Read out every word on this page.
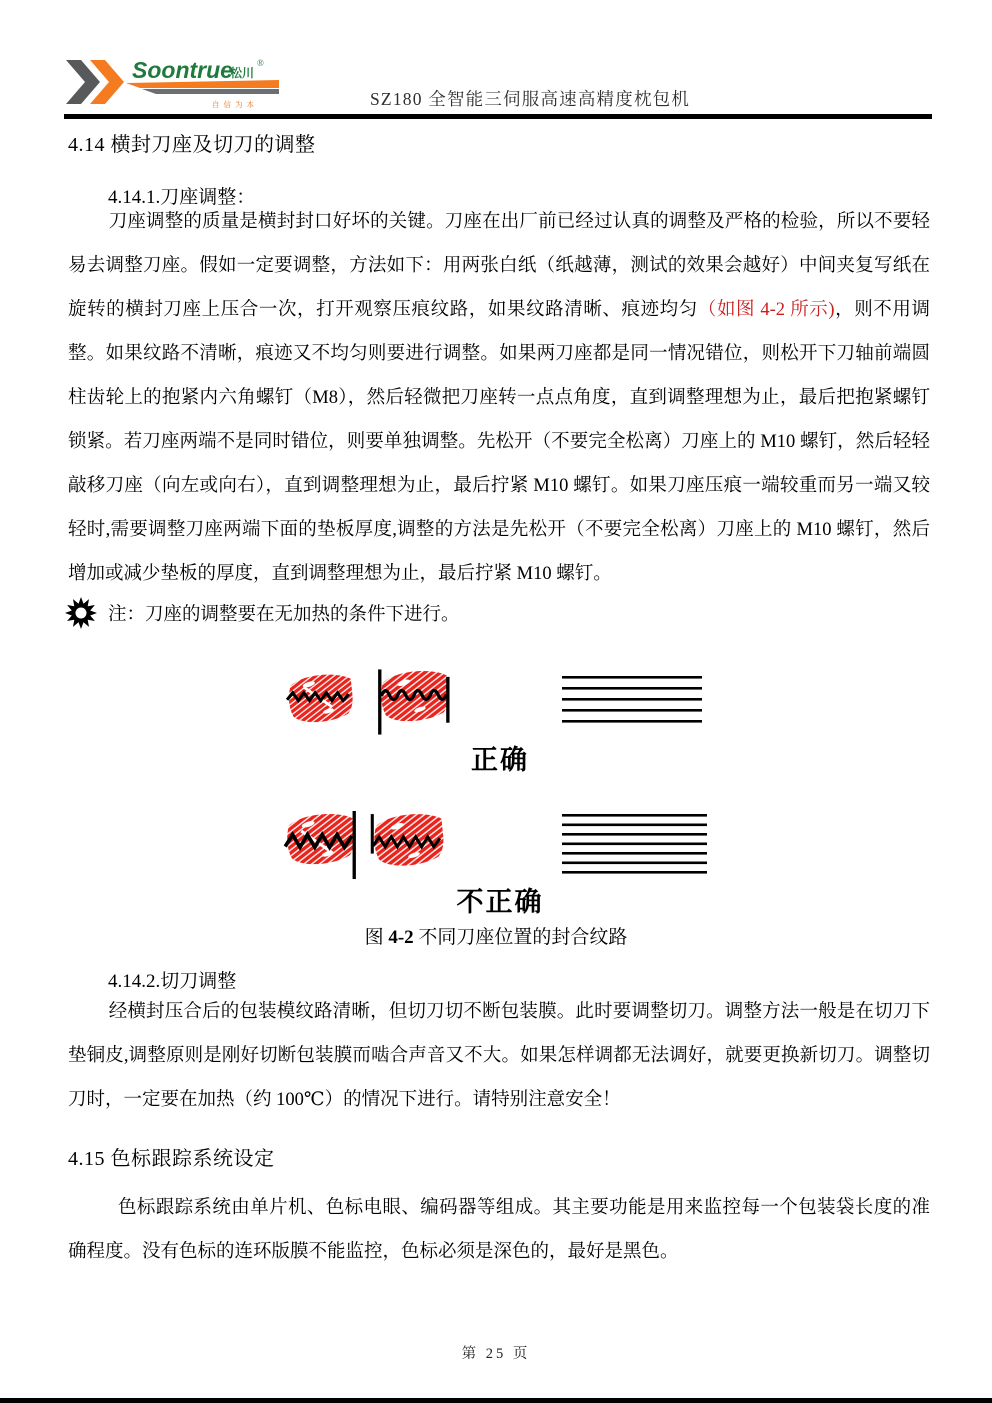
Soontrue
松川
®
自信为本	SZ180 全智能三伺服高速高精度枕包机
4.14 横封刀座及切刀的调整
4.14.1.刀座调整：
刀座调整的质量是横封封口好坏的关键。刀座在出厂前已经过认真的调整及严格的检验，所以不要轻易去调整刀座。假如一定要调整，方法如下：用两张白纸（纸越薄，测试的效果会越好）中间夹复写纸在旋转的横封刀座上压合一次，打开观察压痕纹路，如果纹路清晰、痕迹均匀（如图 4-2 所示)，则不用调整。如果纹路不清晰，痕迹又不均匀则要进行调整。如果两刀座都是同一情况错位，则松开下刀轴前端圆柱齿轮上的抱紧内六角螺钉（M8），然后轻微把刀座转一点点角度，直到调整理想为止，最后把抱紧螺钉锁紧。若刀座两端不是同时错位，则要单独调整。先松开（不要完全松离）刀座上的 M10 螺钉，然后轻轻敲移刀座（向左或向右），直到调整理想为止，最后拧紧 M10 螺钉。如果刀座压痕一端较重而另一端又较轻时,需要调整刀座两端下面的垫板厚度,调整的方法是先松开（不要完全松离）刀座上的 M10 螺钉，然后增加或减少垫板的厚度，直到调整理想为止，最后拧紧 M10 螺钉。
注：刀座的调整要在无加热的条件下进行。
正确
不正确
图 4-2 不同刀座位置的封合纹路
4.14.2.切刀调整
经横封压合后的包装模纹路清晰，但切刀切不断包装膜。此时要调整切刀。调整方法一般是在切刀下垫铜皮,调整原则是刚好切断包装膜而啮合声音又不大。如果怎样调都无法调好，就要更换新切刀。调整切刀时，一定要在加热（约 100℃）的情况下进行。请特别注意安全！
4.15 色标跟踪系统设定
色标跟踪系统由单片机、色标电眼、编码器等组成。其主要功能是用来监控每一个包装袋长度的准确程度。没有色标的连环版膜不能监控，色标必须是深色的，最好是黑色。
第 25 页
